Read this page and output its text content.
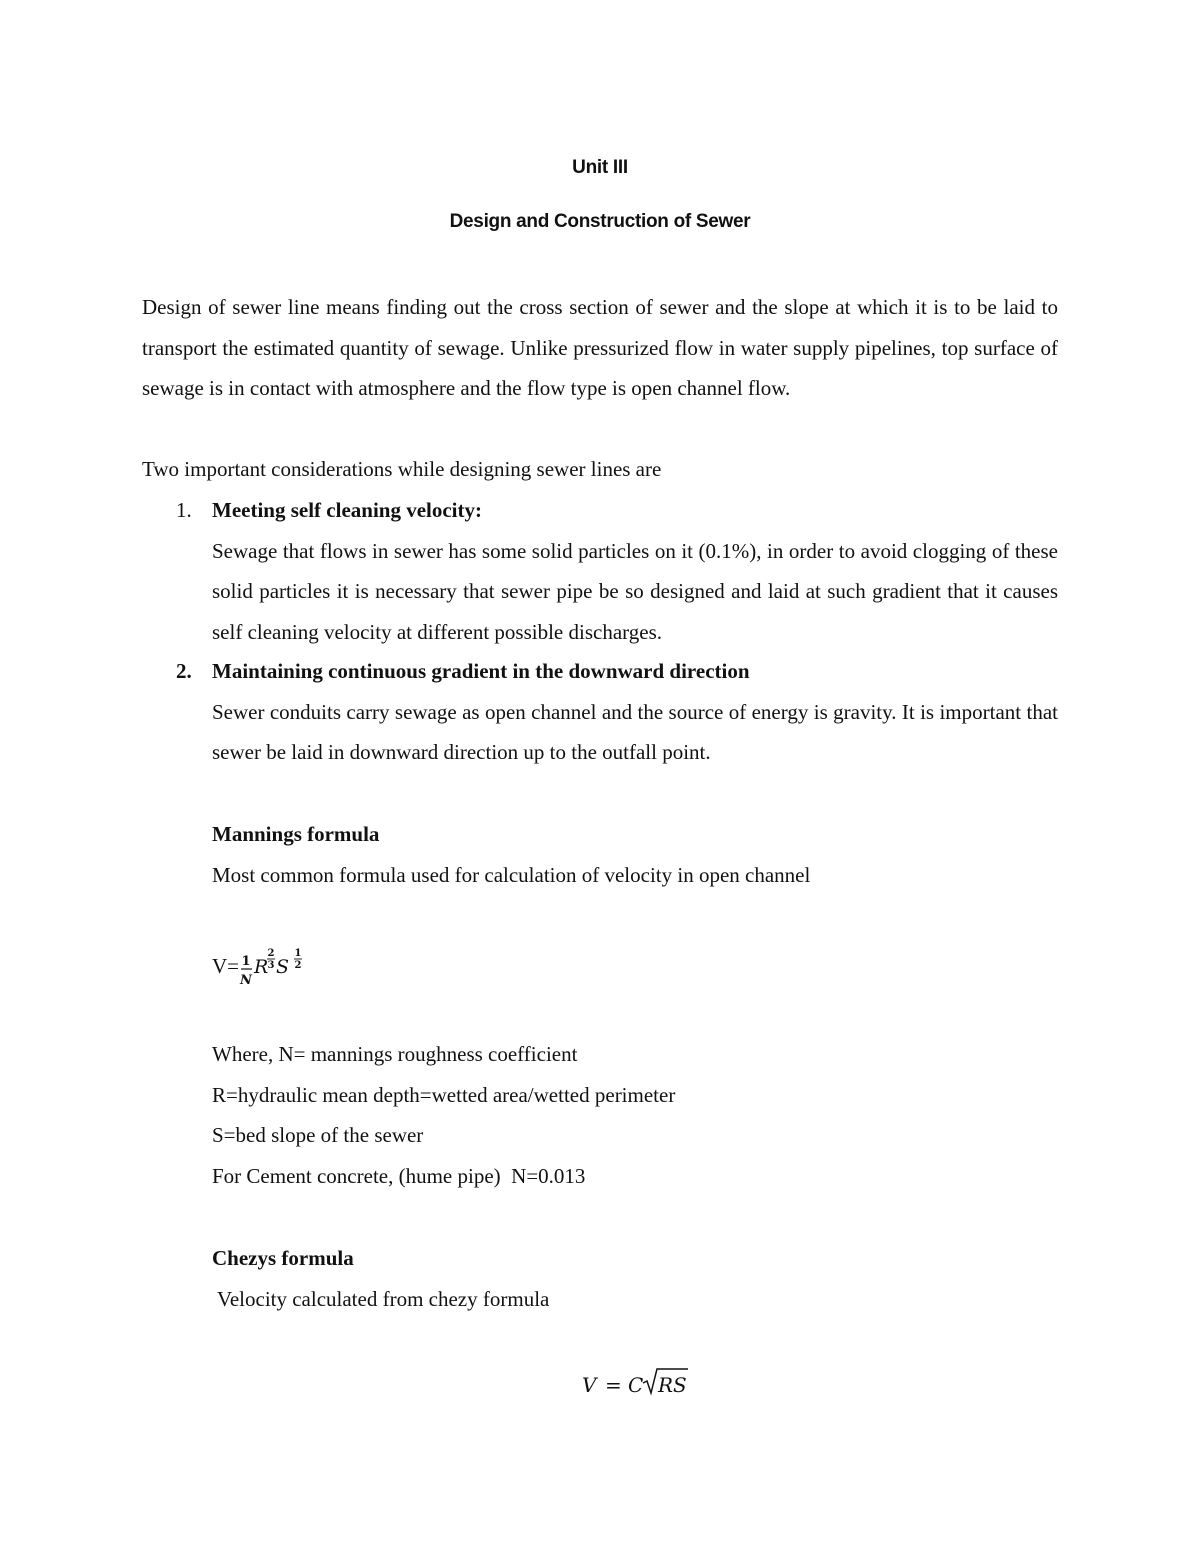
Unit III
Design and Construction of Sewer

Design of sewer line means finding out the cross section of sewer and the slope at which it is to be laid to transport the estimated quantity of sewage. Unlike pressurized flow in water supply pipelines, top surface of sewage is in contact with atmosphere and the flow type is open channel flow.

Two important considerations while designing sewer lines are
1. Meeting self cleaning velocity:
Sewage that flows in sewer has some solid particles on it (0.1%), in order to avoid clogging of these solid particles it is necessary that sewer pipe be so designed and laid at such gradient that it causes self cleaning velocity at different possible discharges.
2. Maintaining continuous gradient in the downward direction
Sewer conduits carry sewage as open channel and the source of energy is gravity. It is important that sewer be laid in downward direction up to the outfall point.
Mannings formula
Most common formula used for calculation of velocity in open channel
V= 1
N
R
2
3 S
1
2
Where, N= mannings roughness coefficient
R=hydraulic mean depth=wetted area/wetted perimeter
S=bed slope of the sewer
For Cement concrete, (hume pipe)  N=0.013
Chezys formula
Velocity calculated from chezy formula
V = C RS
